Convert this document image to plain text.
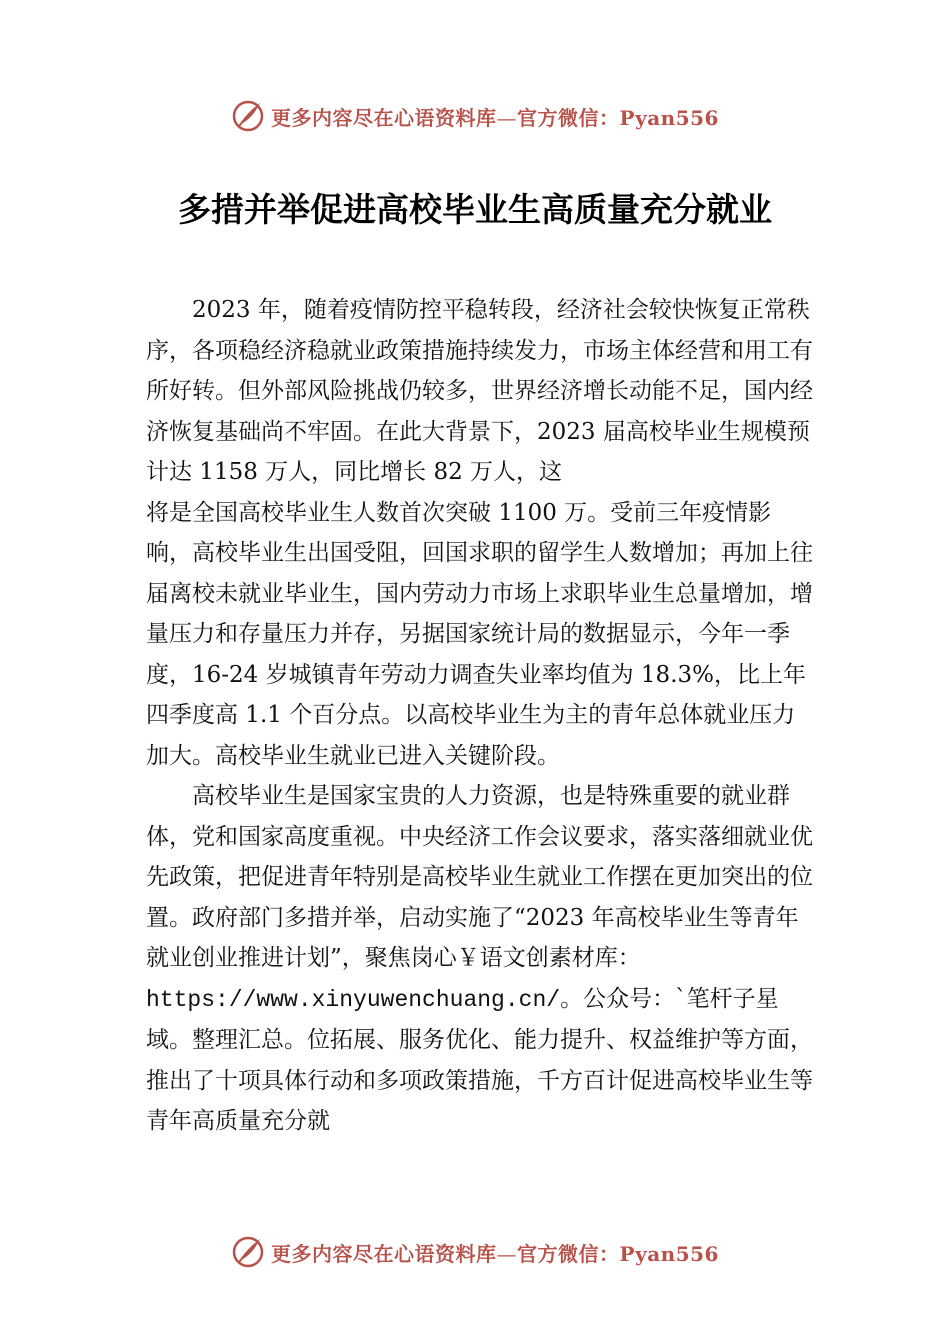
更多内容尽在心语资料库—官方微信：Pyan556
多措并举促进高校毕业生高质量充分就业

2023 年，随着疫情防控平稳转段，经济社会较快恢复正常秩序，各项稳经济稳就业政策措施持续发力，市场主体经营和用工有所好转。但外部风险挑战仍较多，世界经济增长动能不足，国内经济恢复基础尚不牢固。在此大背景下，2023 届高校毕业生规模预计达 1158 万人，同比增长 82 万人，这

将是全国高校毕业生人数首次突破 1100 万。受前三年疫情影响，高校毕业生出国受阻，回国求职的留学生人数增加；再加上往届离校未就业毕业生，国内劳动力市场上求职毕业生总量增加，增量压力和存量压力并存，另据国家统计局的数据显示，今年一季度，16-24 岁城镇青年劳动力调查失业率均值为 18.3%，比上年四季度高 1.1 个百分点。以高校毕业生为主的青年总体就业压力加大。高校毕业生就业已进入关键阶段。

高校毕业生是国家宝贵的人力资源，也是特殊重要的就业群体，党和国家高度重视。中央经济工作会议要求，落实落细就业优先政策，把促进青年特别是高校毕业生就业工作摆在更加突出的位置。政府部门多措并举，启动实施了“2023 年高校毕业生等青年就业创业推进计划”，聚焦岗心￥语文创素材库：https://www.xinyuwenchuang.cn/。公众号：`笔杆子星域。整理汇总。位拓展、服务优化、能力提升、权益维护等方面，推出了十项具体行动和多项政策措施，千方百计促进高校毕业生等青年高质量充分就

更多内容尽在心语资料库—官方微信：Pyan556
